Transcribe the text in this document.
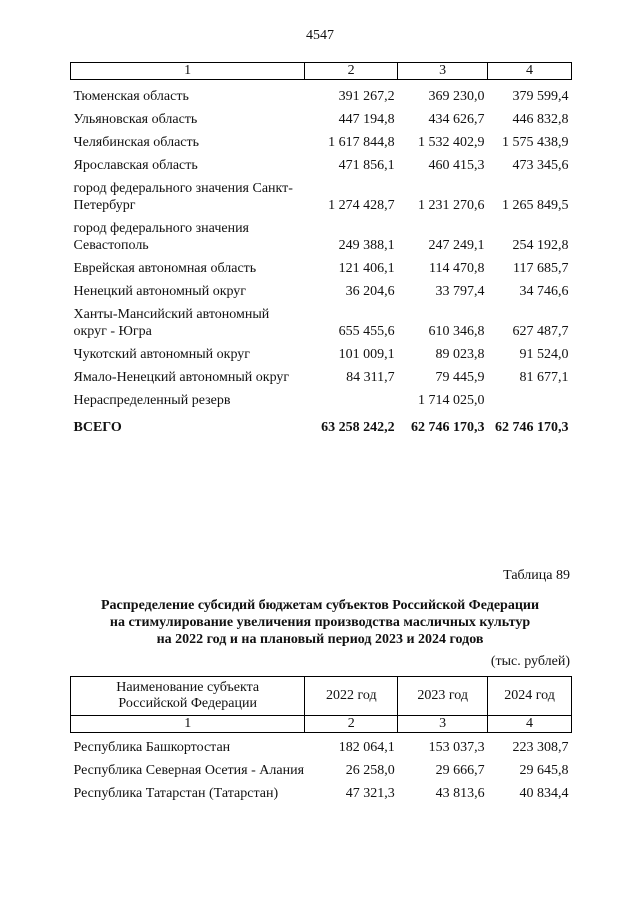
4547
1	2	3	4

Тюменская область	391 267,2	369 230,0	379 599,4
Ульяновская область	447 194,8	434 626,7	446 832,8
Челябинская область	1 617 844,8	1 532 402,9	1 575 438,9
Ярославская область	471 856,1	460 415,3	473 345,6
город федерального значения Санкт-Петербург	1 274 428,7	1 231 270,6	1 265 849,5
город федерального значения Севастополь	249 388,1	247 249,1	254 192,8
Еврейская автономная область	121 406,1	114 470,8	117 685,7
Ненецкий автономный округ	36 204,6	33 797,4	34 746,6
Ханты-Мансийский автономный округ - Югра	655 455,6	610 346,8	627 487,7
Чукотский автономный округ	101 009,1	89 023,8	91 524,0
Ямало-Ненецкий автономный округ	84 311,7	79 445,9	81 677,1
Нераспределенный резерв		1 714 025,0	
ВСЕГО	63 258 242,2	62 746 170,3	62 746 170,3
Таблица 89
Распределение субсидий бюджетам субъектов Российской Федерации
на стимулирование увеличения производства масличных культур
на 2022 год и на плановый период 2023 и 2024 годов
(тыс. рублей)
Наименование субъекта
Российской Федерации	2022 год	2023 год	2024 год
1	2	3	4
Республика Башкортостан	182 064,1	153 037,3	223 308,7
Республика Северная Осетия - Алания	26 258,0	29 666,7	29 645,8
Республика Татарстан (Татарстан)	47 321,3	43 813,6	40 834,4
